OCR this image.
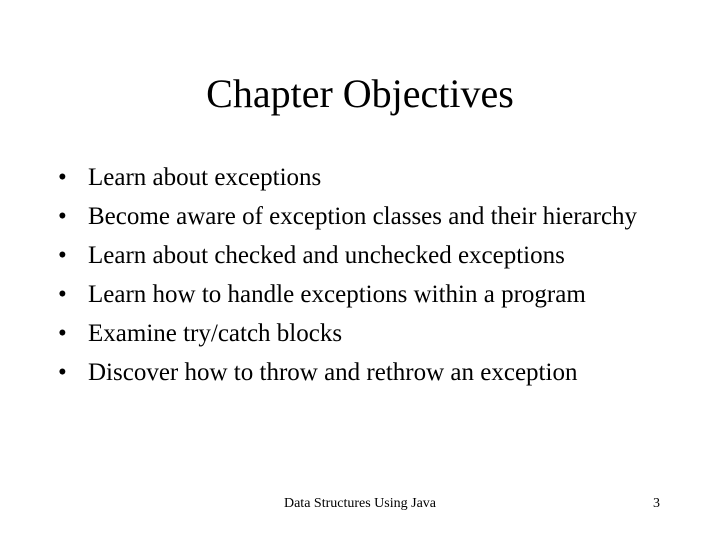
Chapter Objectives
• Learn about exceptions
• Become aware of exception classes and their hierarchy
• Learn about checked and unchecked exceptions
• Learn how to handle exceptions within a program
• Examine try/catch blocks
• Discover how to throw and rethrow an exception
Data Structures Using Java	3
